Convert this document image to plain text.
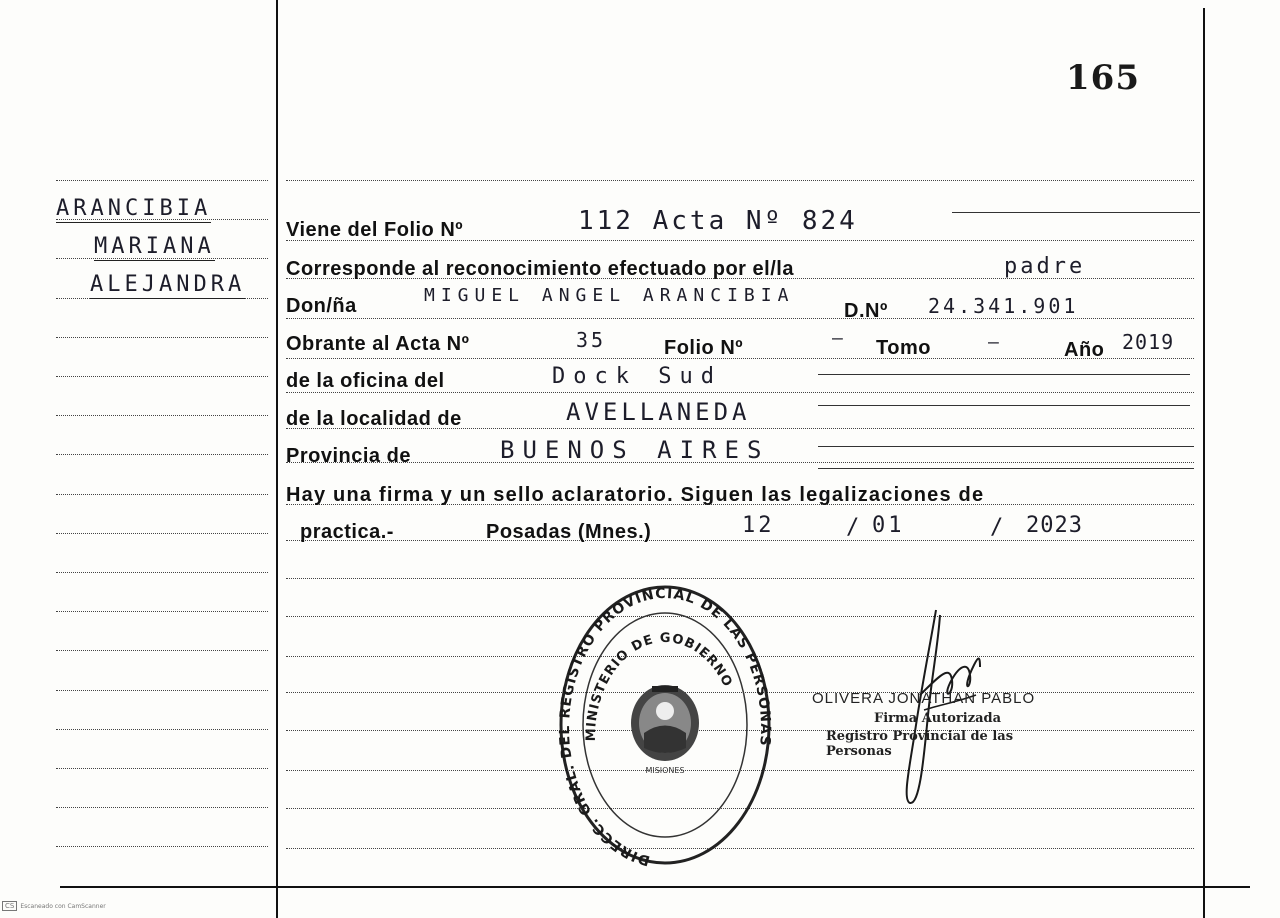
165
ARANCIBIA
MARIANA
ALEJANDRA
Viene del Folio Nº	112 Acta Nº 824
Corresponde al reconocimiento efectuado por el/la	padre
Don/ña	MIGUEL ANGEL ARANCIBIA
D.Nº 24.341.901
Obrante al Acta Nº	35	Folio Nº	— Tomo	—	Año 2019
de la oficina del	Dock Sud
de la localidad de	AVELLANEDA
Provincia de	BUENOS AIRES
Hay una firma y un sello aclaratorio. Siguen las legalizaciones de
practica.-	Posadas (Mnes.)	12	/ 01	/ 2023
DIRECC. GRAL. DEL REGISTRO PROVINCIAL DE LAS PERSONAS
MINISTERIO DE GOBIERNO
MISIONES
OLIVERA JONATHAN PABLO
Firma Autorizada
Registro Provincial de las Personas
CS Escaneado con CamScanner
